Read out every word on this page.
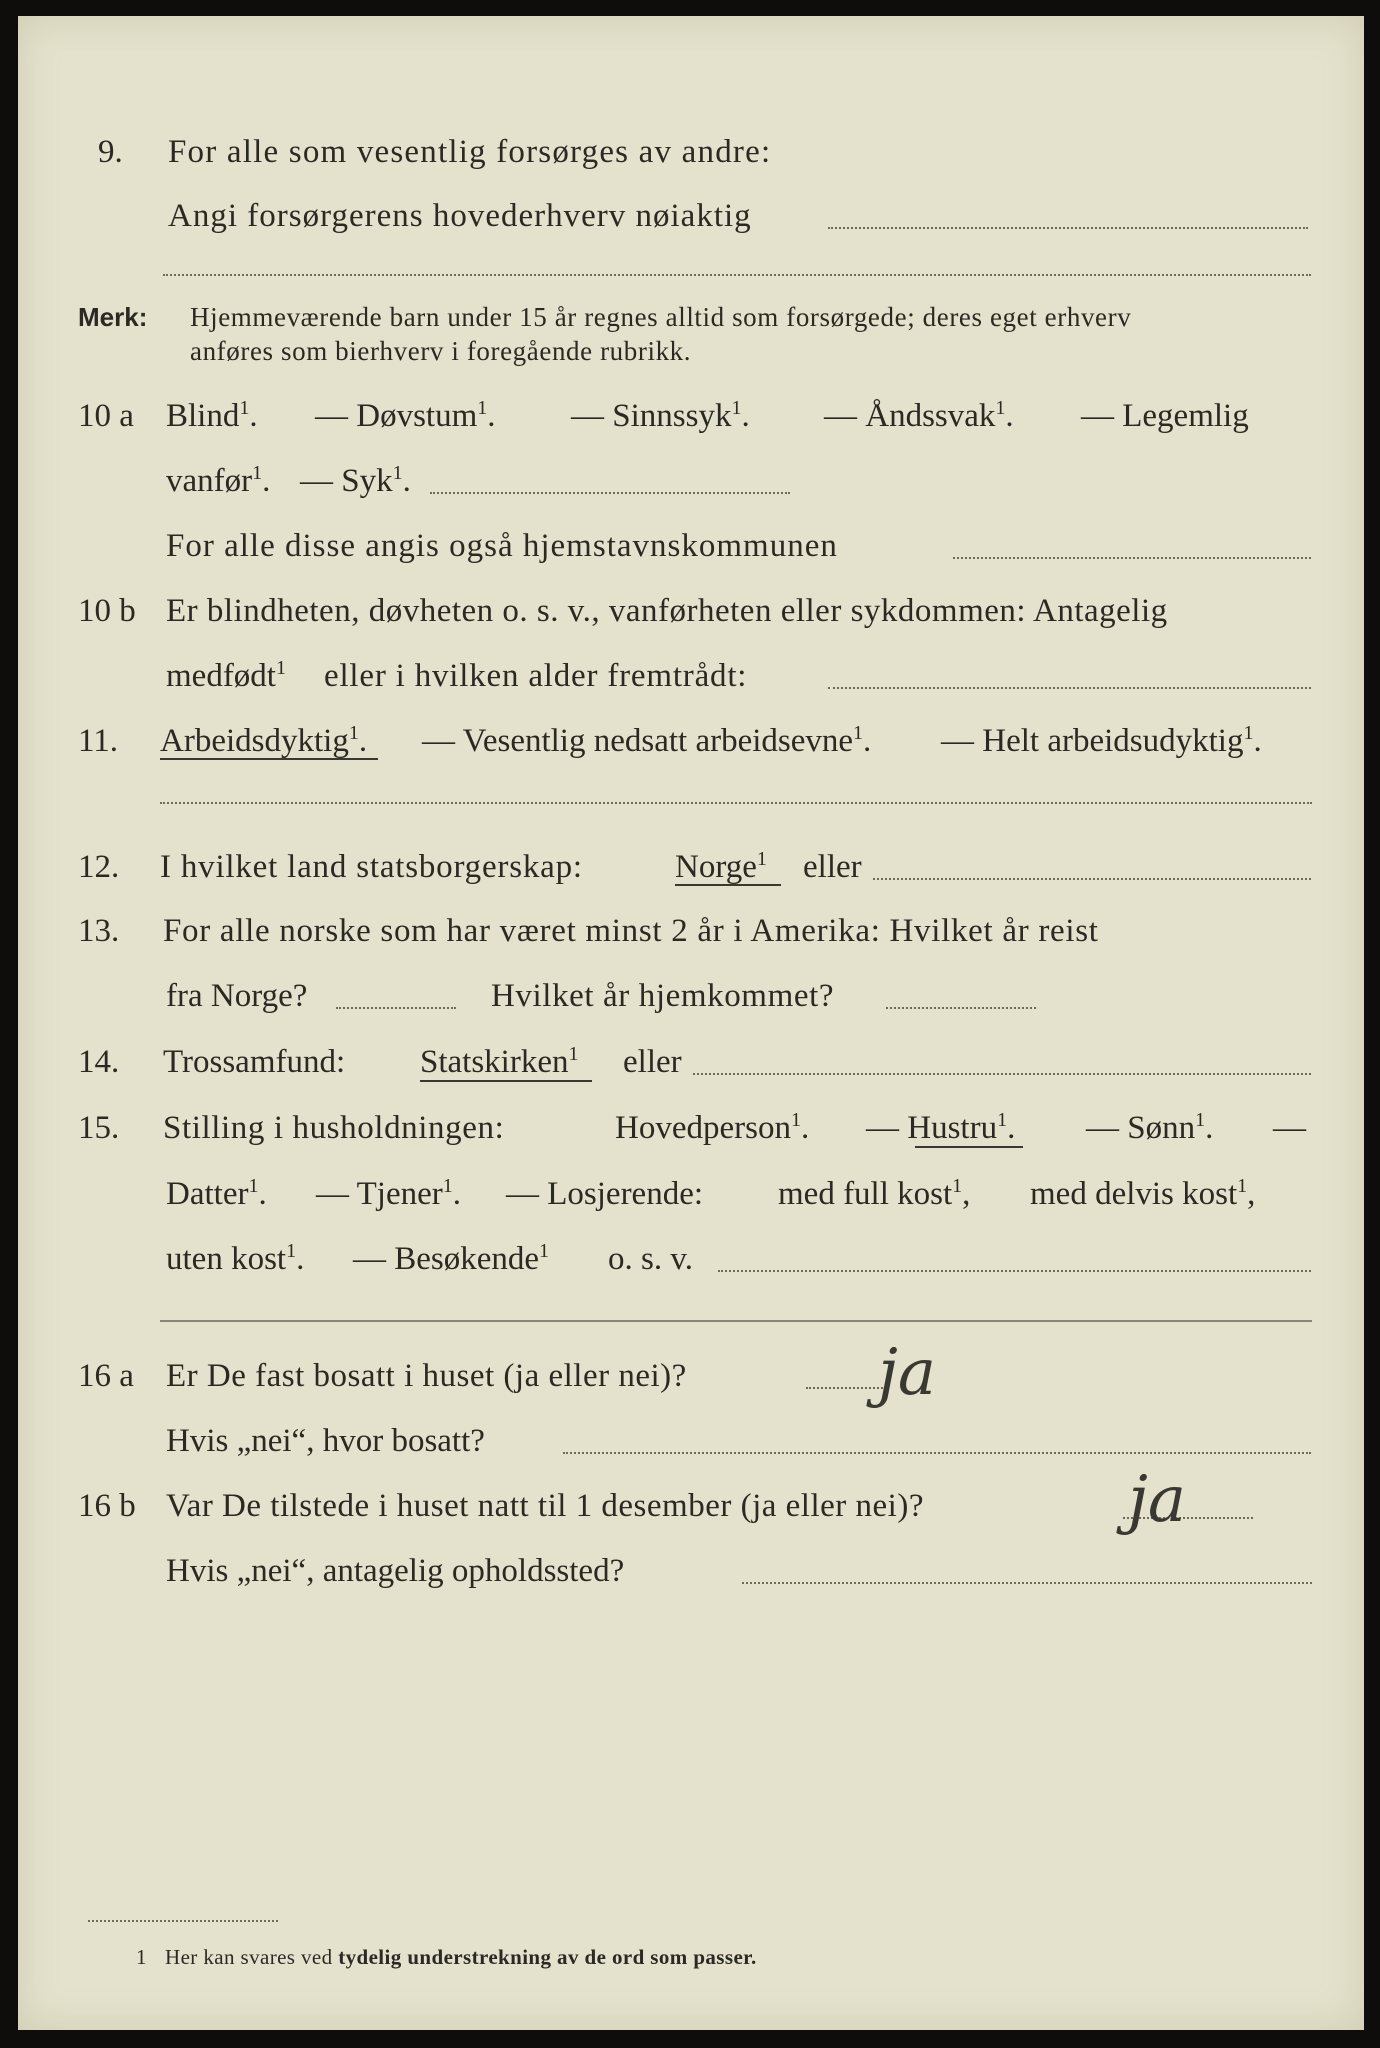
9. For alle som vesentlig forsørges av andre:
Angi forsørgerens hovederhverv nøiaktig
Merk: Hjemmeværende barn under 15 år regnes alltid som forsørgede; deres eget erhverv
anføres som bierhverv i foregående rubrikk.
10 a Blind$^1$. — Døvstum$^1$. — Sinnssyk$^1$. — Åndssvak$^1$. — Legemlig
vanfør$^1$. — Syk$^1$.
For alle disse angis også hjemstavnskommunen
10 b Er blindheten, døvheten o. s. v., vanførheten eller sykdommen: Antagelig
medfødt$^1$ eller i hvilken alder fremtrådt:
11. Arbeidsdyktig$^1$. — Vesentlig nedsatt arbeidsevne$^1$. — Helt arbeidsudyktig$^1$.
12. I hvilket land statsborgerskap:	Norge$^1$ eller
13. For alle norske som har været minst 2 år i Amerika: Hvilket år reist
fra Norge?	Hvilket år hjemkommet?
14. Trossamfund: Statskirken$^1$ eller
15. Stilling i husholdningen:	Hovedperson$^1$. — Hustru$^1$. — Sønn$^1$. —
Datter$^1$. — Tjener$^1$. — Losjerende: med full kost$^1$, med delvis kost$^1$,
uten kost$^1$. — Besøkende$^1$ o. s. v.
16 a Er De fast bosatt i huset (ja eller nei)?	ja
Hvis „nei“, hvor bosatt?
16 b Var De tilstede i huset natt til 1 desember (ja eller nei)?	ja
Hvis „nei“, antagelig opholdssted?
1 Her kan svares ved tydelig understrekning av de ord som passer.
